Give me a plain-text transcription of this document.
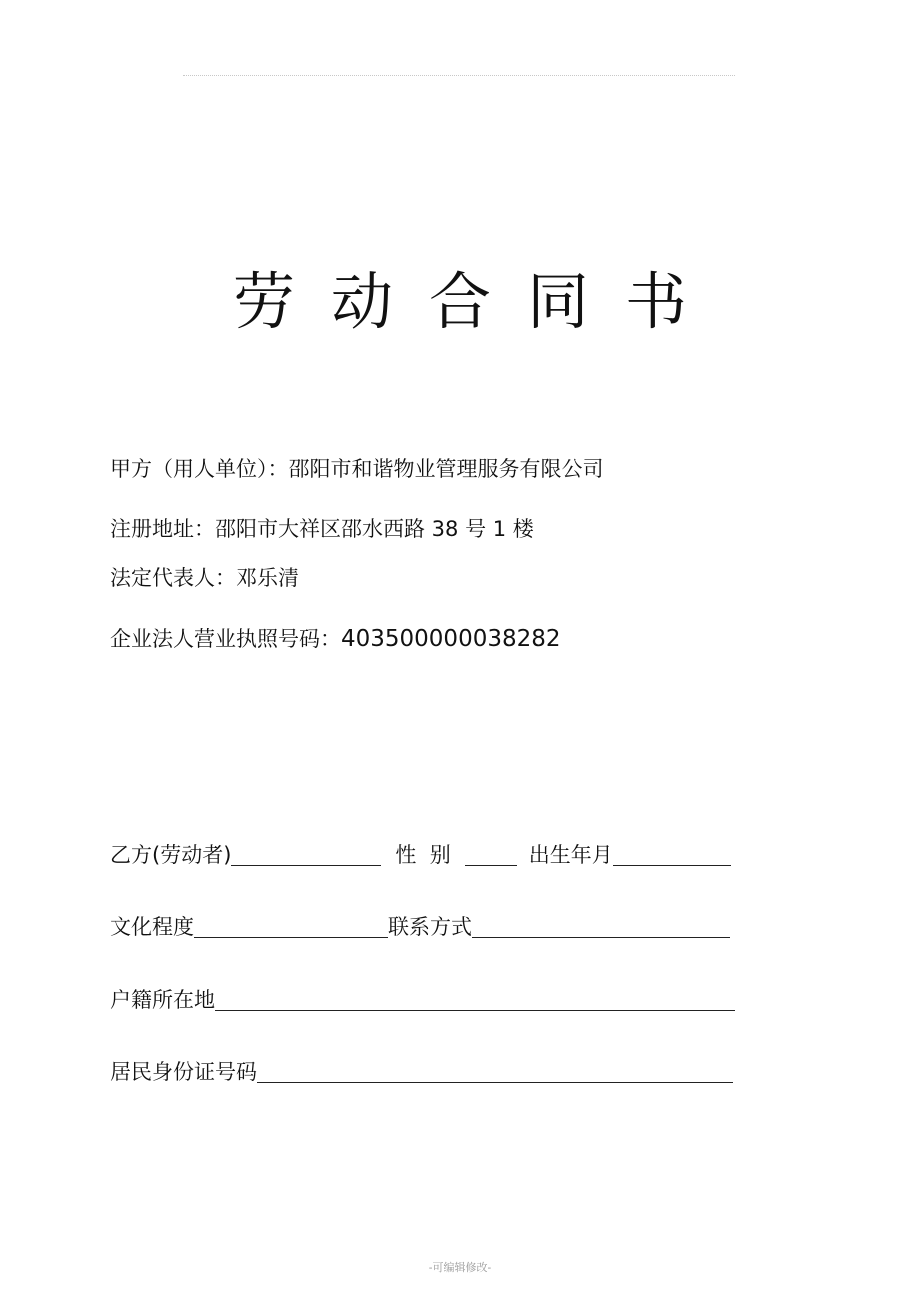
劳动合同书
甲方（用人单位）：邵阳市和谐物业管理服务有限公司
注册地址：邵阳市大祥区邵水西路 38 号 1 楼
法定代表人：邓乐清
企业法人营业执照号码：403500000038282
乙方(劳动者)	性  别	出生年月
文化程度	联系方式
户籍所在地
居民身份证号码
-可编辑修改-
